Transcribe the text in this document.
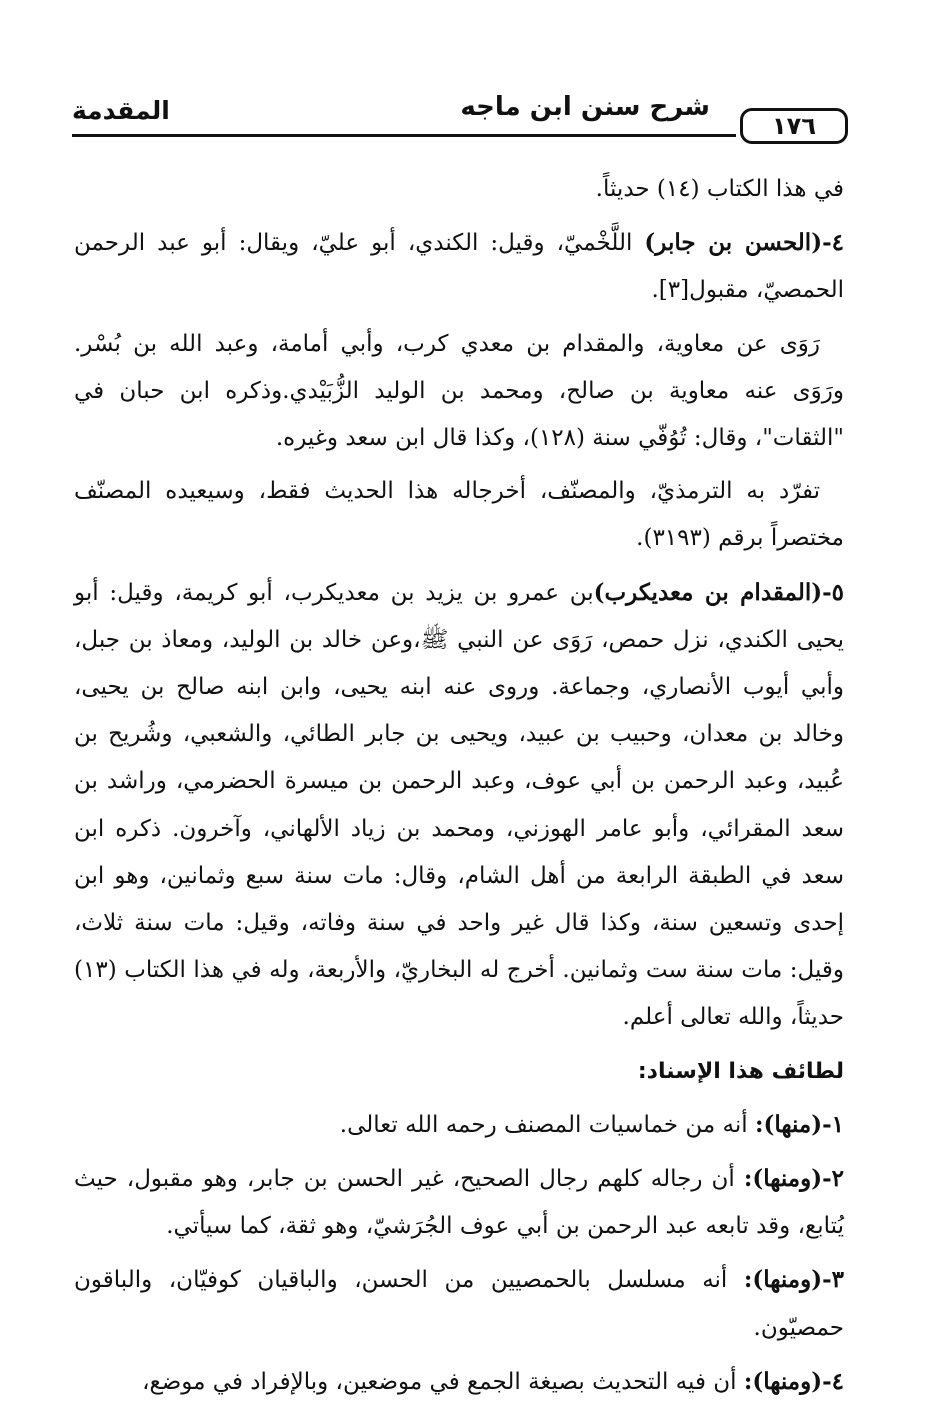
١٧٦
شرح سنن ابن ماجه
المقدمة

في هذا الكتاب (١٤) حديثاً.

٤-(الحسن بن جابر) اللَّخْميّ، وقيل: الكندي، أبو عليّ، ويقال: أبو عبد الرحمن الحمصيّ، مقبول[٣].

رَوَى عن معاوية، والمقدام بن معدي كرب، وأبي أمامة، وعبد الله بن بُسْر. ورَوَى عنه معاوية بن صالح، ومحمد بن الوليد الزُّبَيْدي.وذكره ابن حبان في "الثقات"، وقال: تُوُفّي سنة (١٢٨)، وكذا قال ابن سعد وغيره.

تفرّد به الترمذيّ، والمصنّف، أخرجاله هذا الحديث فقط، وسيعيده المصنّف مختصراً برقم (٣١٩٣).

٥-(المقدام بن معديكرب)بن عمرو بن يزيد بن معديكرب، أبو كريمة، وقيل: أبو يحيى الكندي، نزل حمص، رَوَى عن النبي ﷺ،وعن خالد بن الوليد، ومعاذ بن جبل، وأبي أيوب الأنصاري، وجماعة. وروى عنه ابنه يحيى، وابن ابنه صالح بن يحيى، وخالد بن معدان، وحبيب بن عبيد، ويحيى بن جابر الطائي، والشعبي، وشُريح بن عُبيد، وعبد الرحمن بن أبي عوف، وعبد الرحمن بن ميسرة الحضرمي، وراشد بن سعد المقرائي، وأبو عامر الهوزني، ومحمد بن زياد الألهاني، وآخرون. ذكره ابن سعد في الطبقة الرابعة من أهل الشام، وقال: مات سنة سبع وثمانين، وهو ابن إحدى وتسعين سنة، وكذا قال غير واحد في سنة وفاته، وقيل: مات سنة ثلاث، وقيل: مات سنة ست وثمانين. أخرج له البخاريّ، والأربعة، وله في هذا الكتاب (١٣) حديثاً، والله تعالى أعلم.

لطائف هذا الإسناد:

١-(منها): أنه من خماسيات المصنف رحمه الله تعالى.

٢-(ومنها): أن رجاله كلهم رجال الصحيح، غير الحسن بن جابر، وهو مقبول، حيث يُتابع، وقد تابعه عبد الرحمن بن أبي عوف الجُرَشيّ، وهو ثقة، كما سيأتي.

٣-(ومنها): أنه مسلسل بالحمصيين من الحسن، والباقيان كوفيّان، والباقون حمصيّون.

٤-(ومنها): أن فيه التحديث بصيغة الجمع في موضعين، وبالإفراد في موضع،
